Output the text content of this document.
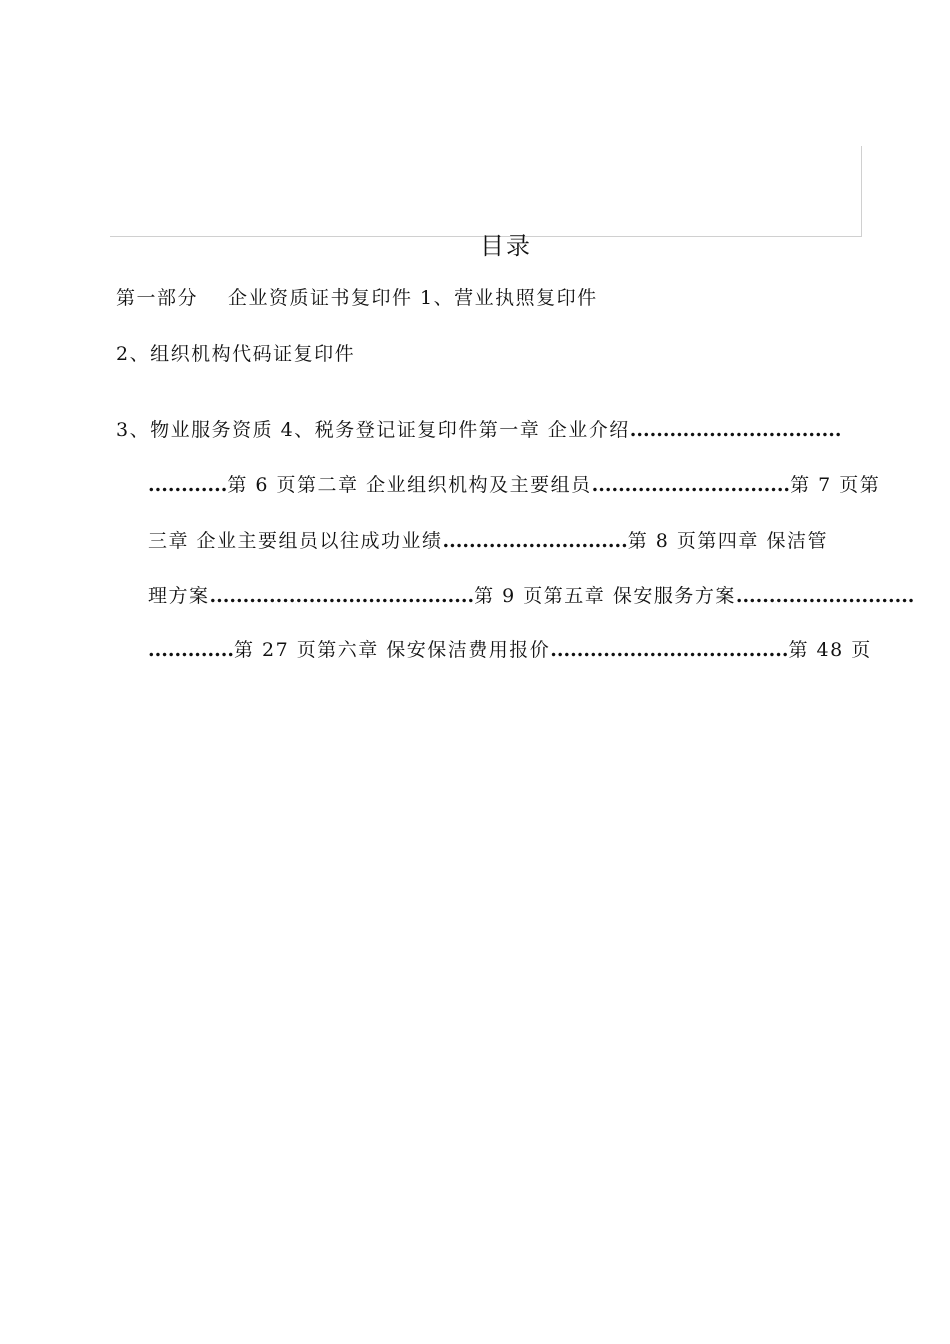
目录
第一部分 企业资质证书复印件 1、营业执照复印件
2、组织机构代码证复印件
3、物业服务资质 4、税务登记证复印件第一章 企业介绍................................
............第 6 页第二章 企业组织机构及主要组员..............................第 7 页第
三章 企业主要组员以往成功业绩............................第 8 页第四章 保洁管
理方案........................................第 9 页第五章 保安服务方案...........................
.............第 27 页第六章 保安保洁费用报价....................................第 48 页
